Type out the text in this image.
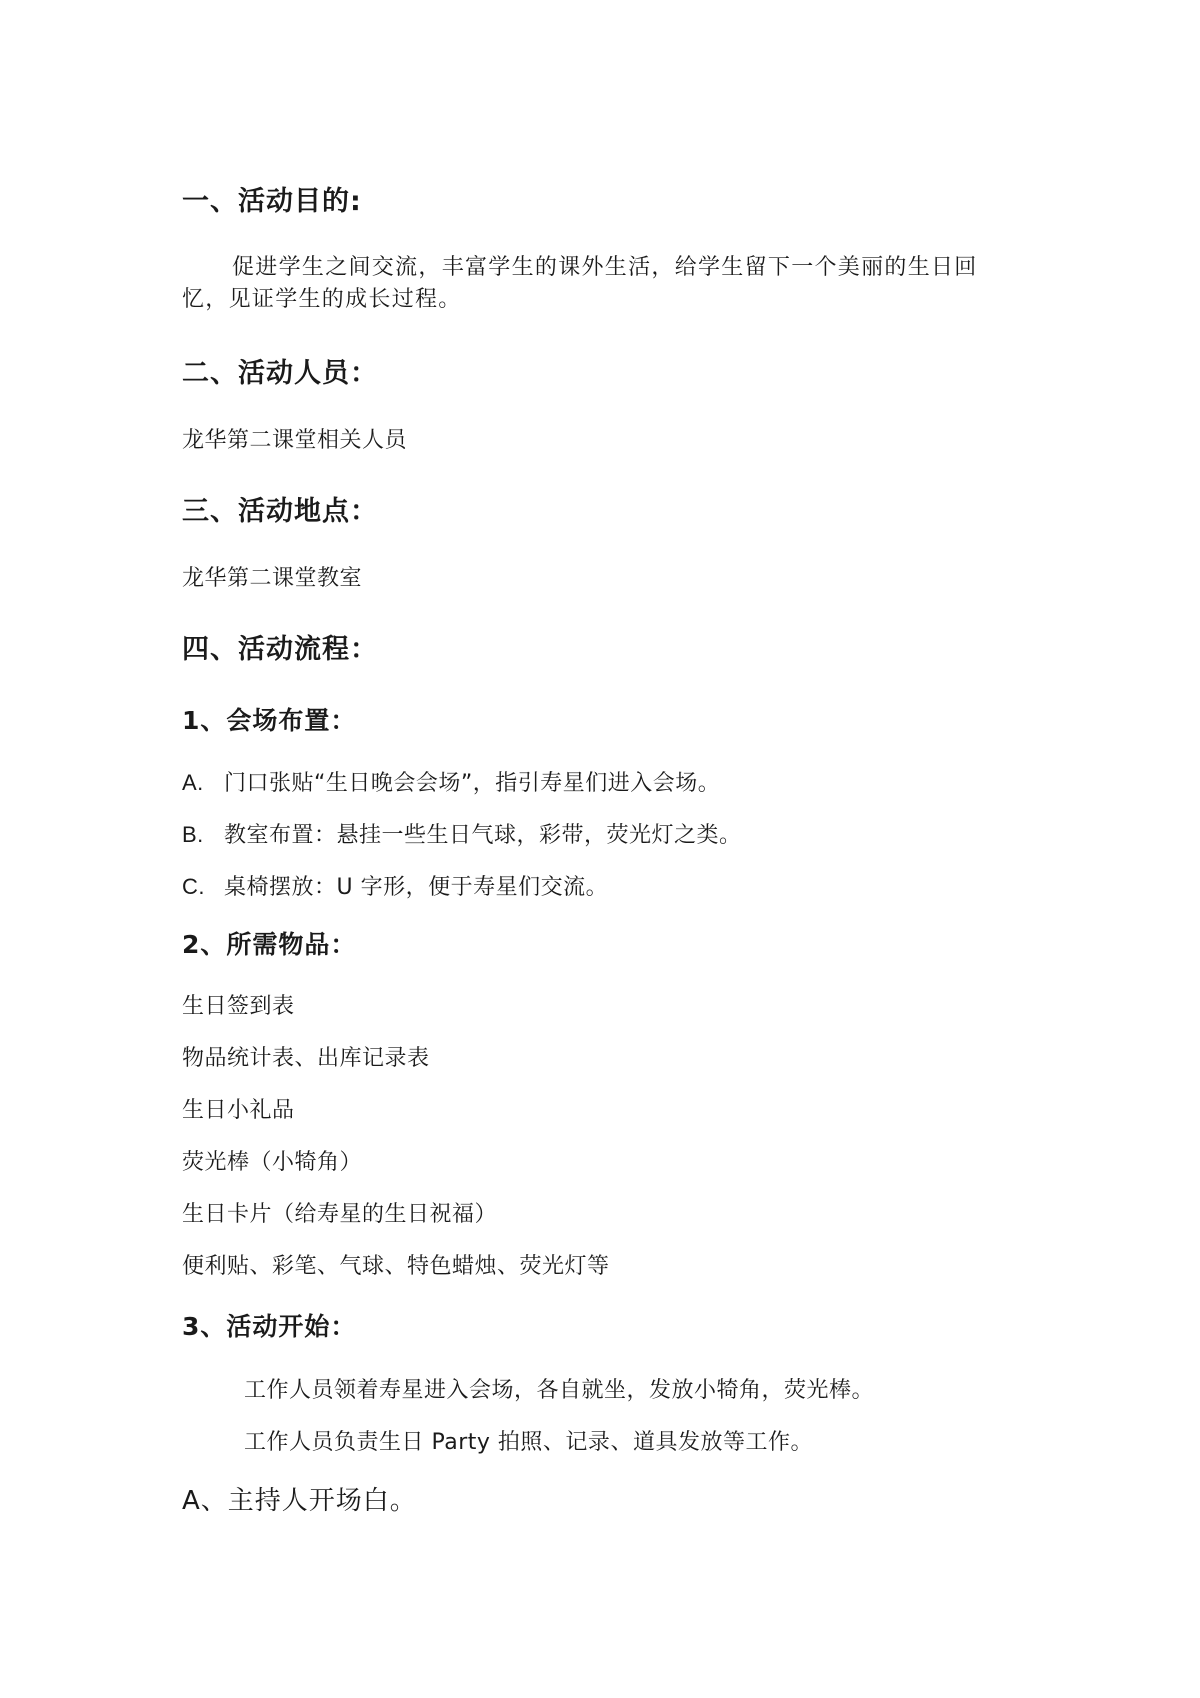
一、活动目的:
促进学生之间交流，丰富学生的课外生活，给学生留下一个美丽的生日回忆，见证学生的成长过程。
二、活动人员：
龙华第二课堂相关人员
三、活动地点：
龙华第二课堂教室
四、活动流程：
1、会场布置：
A. 门口张贴“生日晚会会场”，指引寿星们进入会场。
B. 教室布置：悬挂一些生日气球，彩带，荧光灯之类。
C. 桌椅摆放：U 字形，便于寿星们交流。
2、所需物品：
生日签到表
物品统计表、出库记录表
生日小礼品
荧光棒（小犄角）
生日卡片（给寿星的生日祝福）
便利贴、彩笔、气球、特色蜡烛、荧光灯等
3、活动开始：
工作人员领着寿星进入会场，各自就坐，发放小犄角，荧光棒。
工作人员负责生日 Party 拍照、记录、道具发放等工作。
A、主持人开场白。
